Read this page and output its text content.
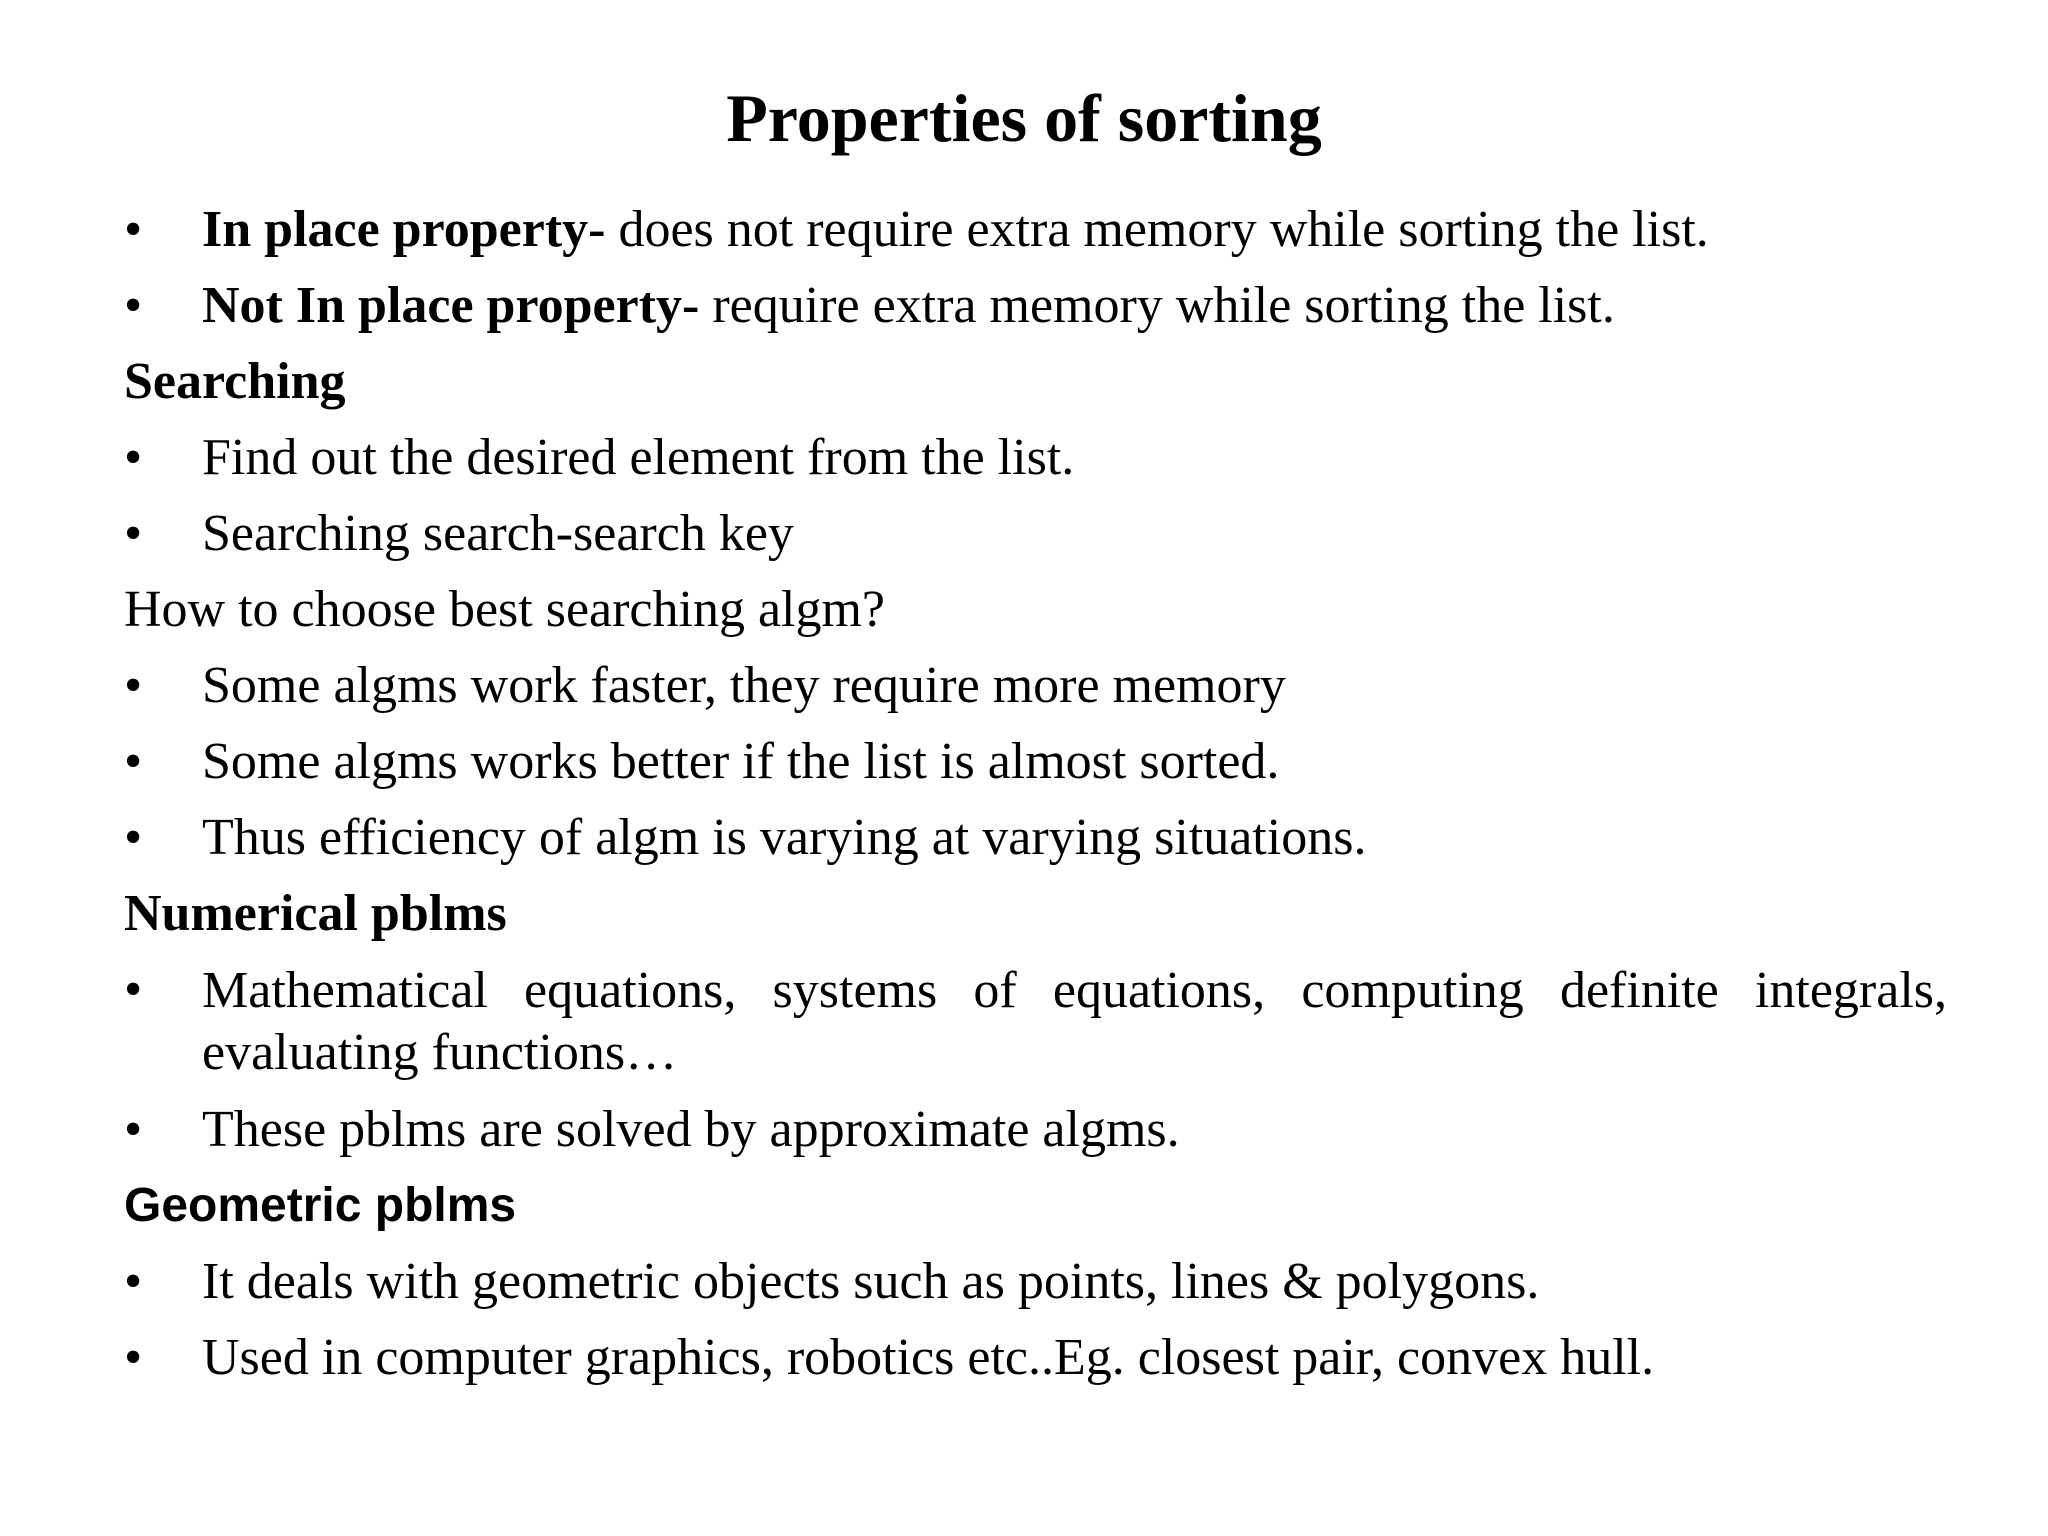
Properties of sorting
•	In place property- does not require extra memory while sorting the list.
•	Not In place property- require extra memory while sorting the list.
Searching
•	Find out the desired element from the list.
•	Searching search-search key
How to choose best searching algm?
•	Some algms work faster, they require more memory
•	Some algms works better if the list is almost sorted.
•	Thus efficiency of algm is varying at varying situations.
Numerical pblms
•	Mathematical equations, systems of equations, computing definite integrals, evaluating functions…
•	These pblms are solved by approximate algms.
Geometric pblms
•	It deals with geometric objects such as points, lines & polygons.
•	Used in computer graphics, robotics etc..Eg. closest pair, convex hull.
